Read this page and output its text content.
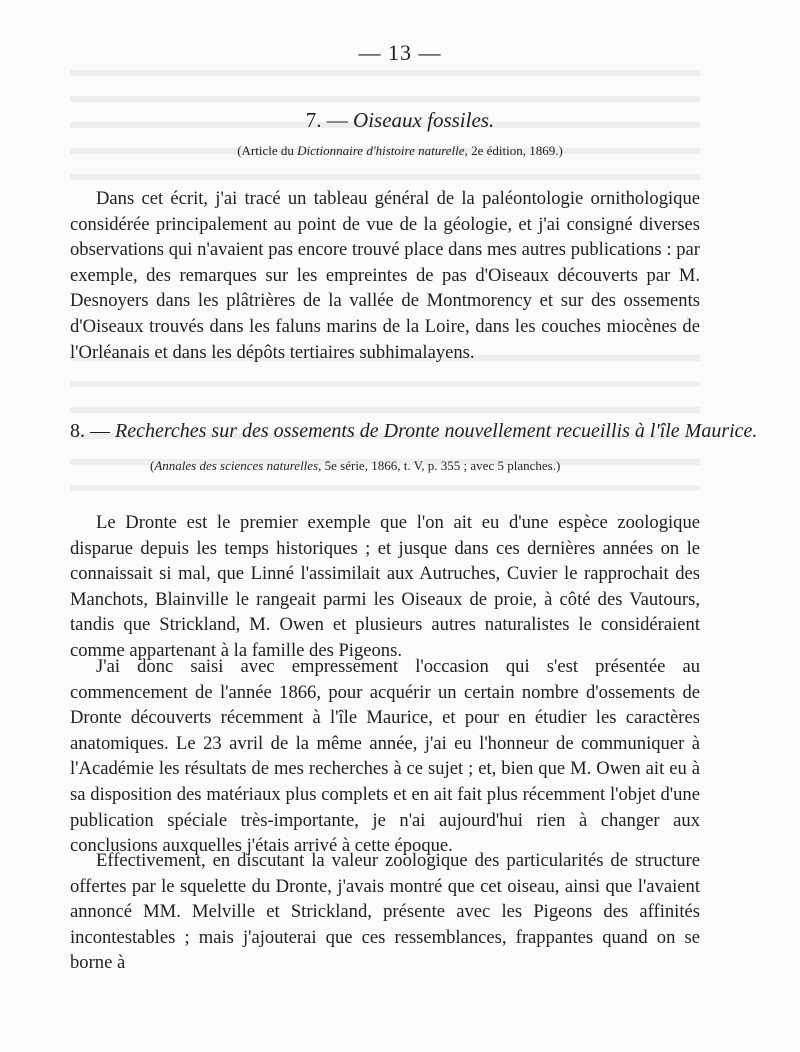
— 13 —
7. — Oiseaux fossiles.
(Article du Dictionnaire d'histoire naturelle, 2e édition, 1869.)

Dans cet écrit, j'ai tracé un tableau général de la paléontologie ornithologique considérée principalement au point de vue de la géologie, et j'ai consigné diverses observations qui n'avaient pas encore trouvé place dans mes autres publications : par exemple, des remarques sur les empreintes de pas d'Oiseaux découverts par M. Desnoyers dans les plâtrières de la vallée de Montmorency et sur des ossements d'Oiseaux trouvés dans les faluns marins de la Loire, dans les couches miocènes de l'Orléanais et dans les dépôts tertiaires subhimalayens.

8. — Recherches sur des ossements de Dronte nouvellement recueillis à l'île Maurice.
(Annales des sciences naturelles, 5e série, 1866, t. V, p. 355 ; avec 5 planches.)

Le Dronte est le premier exemple que l'on ait eu d'une espèce zoologique disparue depuis les temps historiques ; et jusque dans ces dernières années on le connaissait si mal, que Linné l'assimilait aux Autruches, Cuvier le rapprochait des Manchots, Blainville le rangeait parmi les Oiseaux de proie, à côté des Vautours, tandis que Strickland, M. Owen et plusieurs autres naturalistes le considéraient comme appartenant à la famille des Pigeons.

J'ai donc saisi avec empressement l'occasion qui s'est présentée au commencement de l'année 1866, pour acquérir un certain nombre d'ossements de Dronte découverts récemment à l'île Maurice, et pour en étudier les caractères anatomiques. Le 23 avril de la même année, j'ai eu l'honneur de communiquer à l'Académie les résultats de mes recherches à ce sujet ; et, bien que M. Owen ait eu à sa disposition des matériaux plus complets et en ait fait plus récemment l'objet d'une publication spéciale très-importante, je n'ai aujourd'hui rien à changer aux conclusions auxquelles j'étais arrivé à cette époque.

Effectivement, en discutant la valeur zoologique des particularités de structure offertes par le squelette du Dronte, j'avais montré que cet oiseau, ainsi que l'avaient annoncé MM. Melville et Strickland, présente avec les Pigeons des affinités incontestables ; mais j'ajouterai que ces ressemblances, frappantes quand on se borne à
